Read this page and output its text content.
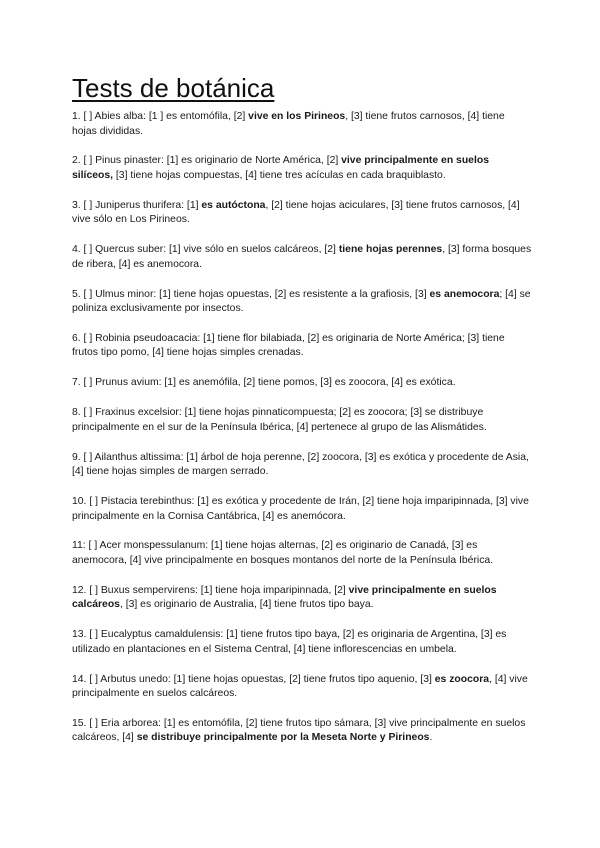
Tests de botánica

1. [ ] Abies alba: [1 ] es entomófila, [2] vive en los Pirineos, [3] tiene frutos carnosos, [4] tiene hojas divididas.

2. [ ] Pinus pinaster: [1] es originario de Norte América, [2] vive principalmente en suelos silíceos, [3] tiene hojas compuestas, [4] tiene tres acículas en cada braquiblasto.

3. [ ] Juniperus thurifera: [1] es autóctona, [2] tiene hojas aciculares, [3] tiene frutos carnosos, [4] vive sólo en Los Pirineos.

4. [ ] Quercus suber: [1] vive sólo en suelos calcáreos, [2] tiene hojas perennes, [3] forma bosques de ribera, [4] es anemocora.

5. [ ] Ulmus minor: [1] tiene hojas opuestas, [2] es resistente a la grafiosis, [3] es anemocora; [4] se poliniza exclusivamente por insectos.

6. [ ] Robinia pseudoacacia: [1] tiene flor bilabiada, [2] es originaria de Norte América; [3] tiene frutos tipo pomo, [4] tiene hojas simples crenadas.

7. [ ] Prunus avium: [1] es anemófila, [2] tiene pomos, [3] es zoocora, [4] es exótica.

8. [ ] Fraxinus excelsior: [1] tiene hojas pinnaticompuesta; [2] es zoocora; [3] se distribuye principalmente en el sur de la Península Ibérica, [4] pertenece al grupo de las Alismátides.

9. [ ] Ailanthus altissima: [1] árbol de hoja perenne, [2] zoocora, [3] es exótica y procedente de Asia, [4] tiene hojas simples de margen serrado.

10. [ ] Pistacia terebinthus: [1] es exótica y procedente de Irán, [2] tiene hoja imparipinnada, [3] vive principalmente en la Cornisa Cantábrica, [4] es anemócora.

11: [ ] Acer monspessulanum: [1] tiene hojas alternas, [2] es originario de Canadá, [3] es anemocora, [4] vive principalmente en bosques montanos del norte de la Península Ibérica.

12. [ ] Buxus sempervirens: [1] tiene hoja imparipinnada, [2] vive principalmente en suelos calcáreos, [3] es originario de Australia, [4] tiene frutos tipo baya.

13. [ ] Eucalyptus camaldulensis: [1] tiene frutos tipo baya, [2] es originaria de Argentina, [3] es utilizado en plantaciones en el Sistema Central, [4] tiene inflorescencias en umbela.

14. [ ] Arbutus unedo: [1] tiene hojas opuestas, [2] tiene frutos tipo aquenio, [3] es zoocora, [4] vive principalmente en suelos calcáreos.

15. [ ] Eria arborea: [1] es entomófila, [2] tiene frutos tipo sámara, [3] vive principalmente en suelos calcáreos, [4] se distribuye principalmente por la Meseta Norte y Pirineos.
